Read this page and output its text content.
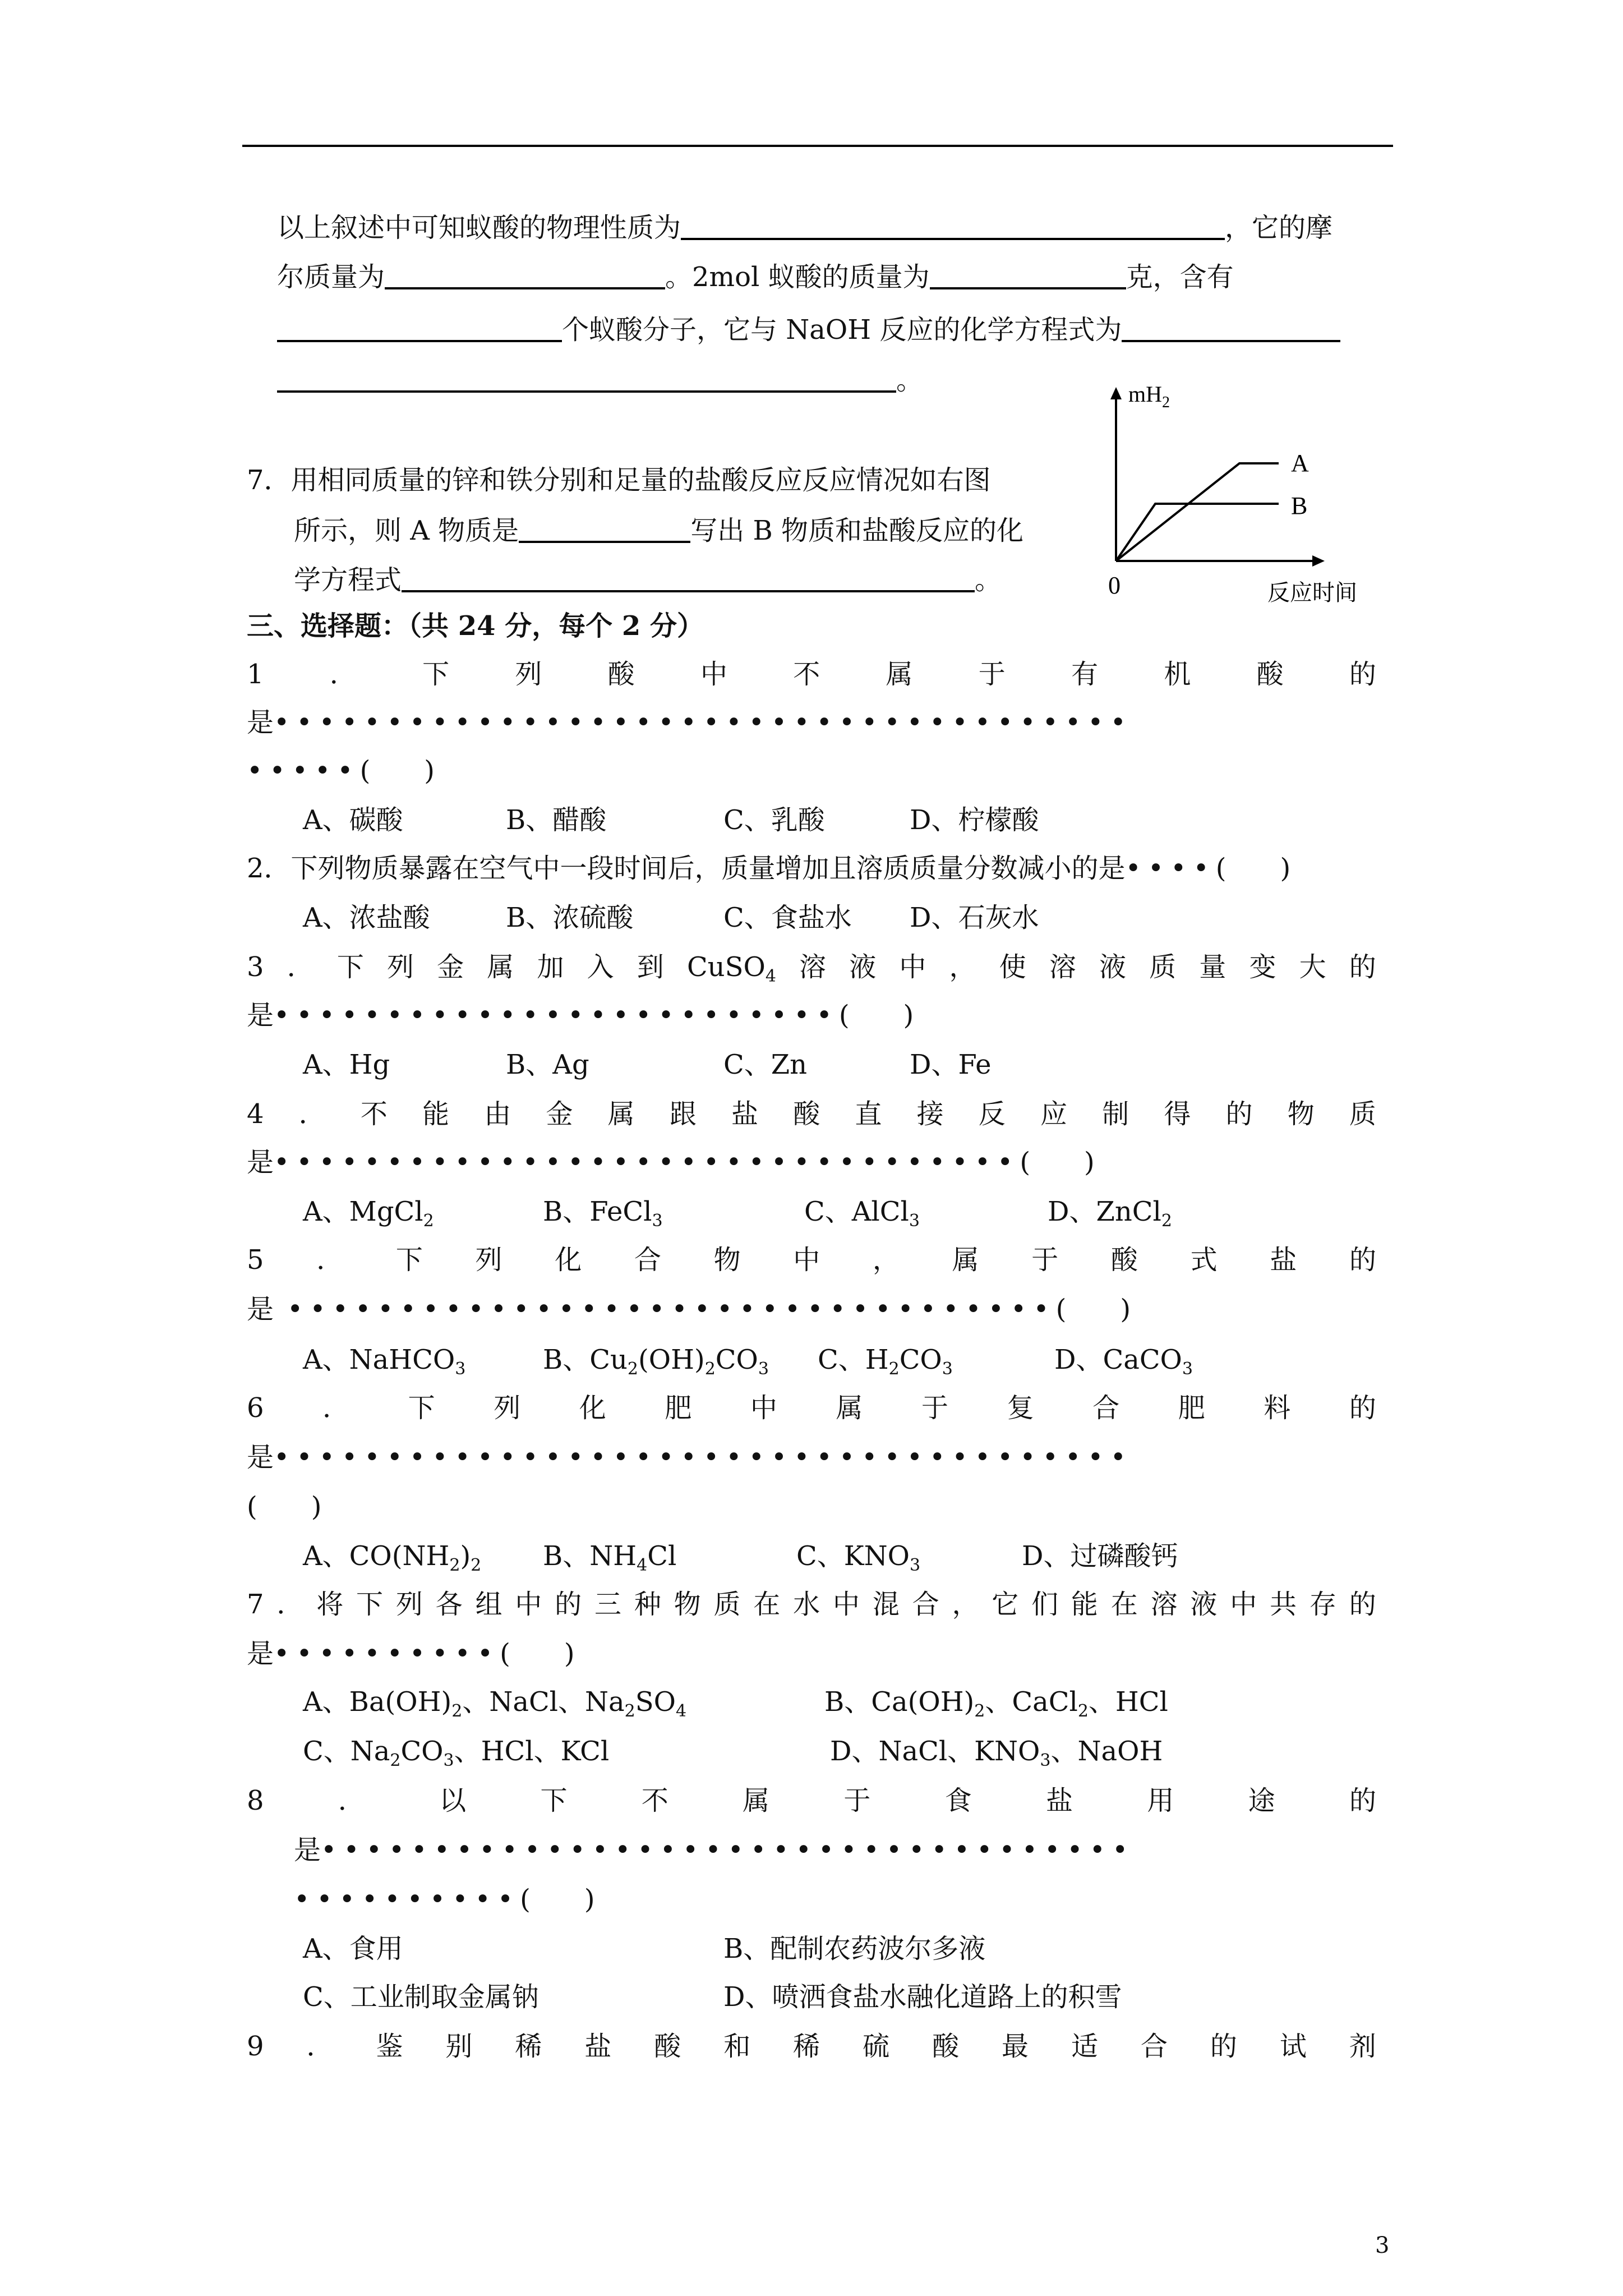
以上叙述中可知蚁酸的物理性质为	，它的摩
尔质量为	。2mol 蚁酸的质量为	克，含有
个蚁酸分子，它与 NaOH 反应的化学方程式为
。
7．用相同质量的锌和铁分别和足量的盐酸反应反应情况如右图
所示，则 A 物质是	写出 B 物质和盐酸反应的化
学方程式	。
$mH_2$
A
B
0	反应时间
三、选择题：（共 24 分，每个 2 分）
1 ． 下 列 酸 中 不 属 于 有 机 酸 的
是••••••••••••••••••••••••••••••••••••••
•••••(　　)
A、碳酸	B、醋酸	C、乳酸	D、柠檬酸
2．下列物质暴露在空气中一段时间后，质量增加且溶质质量分数减小的是••••(　　)
A、浓盐酸	B、浓硫酸	C、食盐水 D、石灰水
3 ． 下 列 金 属 加 入 到 CuSO$_4$ 溶 液 中 ， 使 溶 液 质 量 变 大 的
是•••••••••••••••••••••••••(　　)
A、Hg	B、Ag	C、Zn	D、Fe
4 ． 不 能 由 金 属 跟 盐 酸 直 接 反 应 制 得 的 物 质
是•••••••••••••••••••••••••••••••••(　　)
A、MgCl$_2$	B、FeCl$_3$	C、AlCl$_3$	D、ZnCl$_2$
5 ． 下 列 化 合 物 中 ， 属 于 酸 式 盐 的
是 ••••••••••••••••••••••••••••••••••(　　)
A、NaHCO$_3$	B、$Cu_2(OH)_2CO_3$ C、$H_2CO_3$	D、CaCO$_3$
6 ． 下 列 化 肥 中 属 于 复 合 肥 料 的
是••••••••••••••••••••••••••••••••••••••
(　　)
A、$CO(NH_2)_2$ B、$NH_4Cl$	C、$KNO_3$	D、过磷酸钙
7 ． 将 下 列 各 组 中 的 三 种 物 质 在 水 中 混 合 ， 它 们 能 在 溶 液 中 共 存 的
是••••••••••(　　)
A、$Ba(OH)_2$、NaCl、$Na_2SO_4$	B、$Ca(OH)_2$、CaCl$_2$、HCl
C、$Na_2CO_3$、HCl、KCl	D、NaCl、$KNO_3$、NaOH
8	．	以	下	不	属	于	食	盐	用	途	的
是••••••••••••••••••••••••••••••••••••
••••••••••(　　)
A、食用	B、配制农药波尔多液
C、工业制取金属钠	D、喷洒食盐水融化道路上的积雪
9 ． 鉴 别 稀 盐 酸 和 稀 硫 酸 最 适 合 的 试 剂
3
